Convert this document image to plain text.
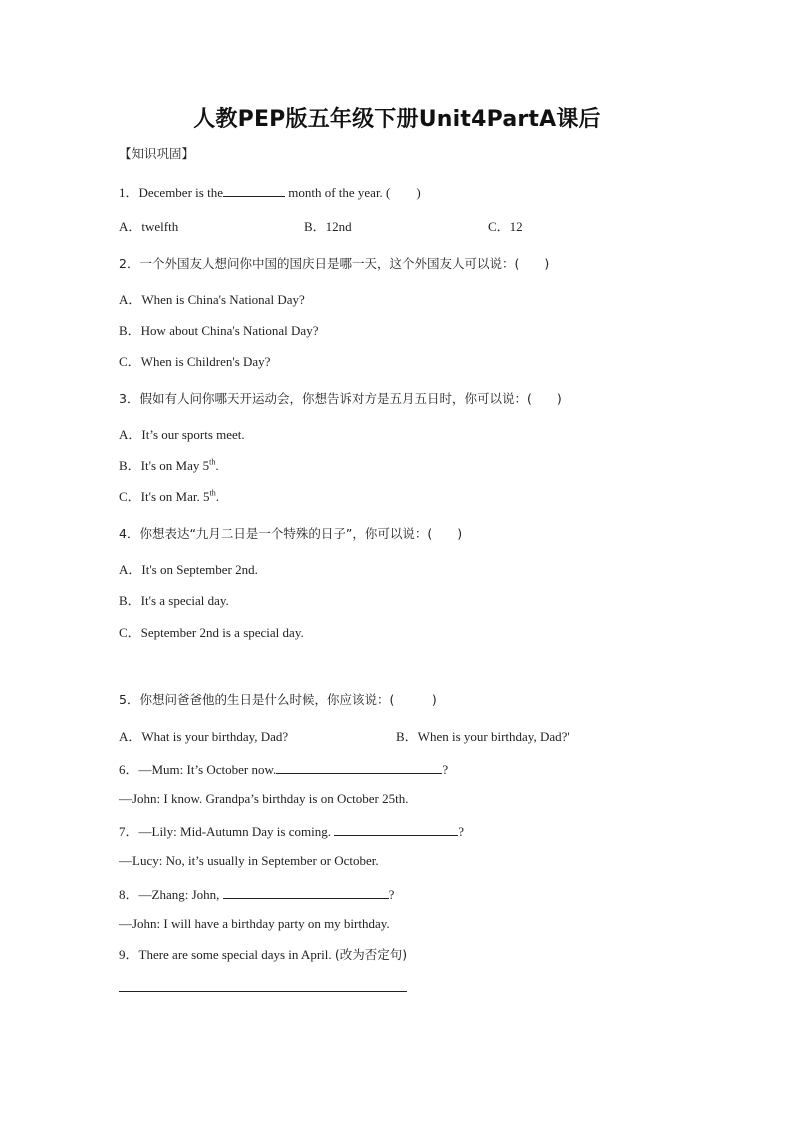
人教PEP版五年级下册Unit4PartA课后
【知识巩固】
1．December is the	month of the year. (　　)
A．twelfth	B．12nd	C．12
2．一个外国友人想问你中国的国庆日是哪一天，这个外国友人可以说：(　　)
A．When is China's National Day?
B．How about China's National Day?
C．When is Children's Day?
3．假如有人问你哪天开运动会，你想告诉对方是五月五日时，你可以说：(　　)
A．It’s our sports meet.
B．It's on May 5th.
C．It's on Mar. 5th.
4．你想表达“九月二日是一个特殊的日子”，你可以说：(　　)
A．It's on September 2nd.
B．It's a special day.
C．September 2nd is a special day.
5．你想问爸爸他的生日是什么时候，你应该说：(　　　)
A．What is your birthday, Dad?	B．When is your birthday, Dad?'
6．—Mum: It’s October now.	?
—John: I know. Grandpa’s birthday is on October 25th.
7．—Lily: Mid-Autumn Day is coming.	?
—Lucy: No, it’s usually in September or October.
8．—Zhang: John,	?
—John: I will have a birthday party on my birthday.
9．There are some special days in April. (改为否定句)
